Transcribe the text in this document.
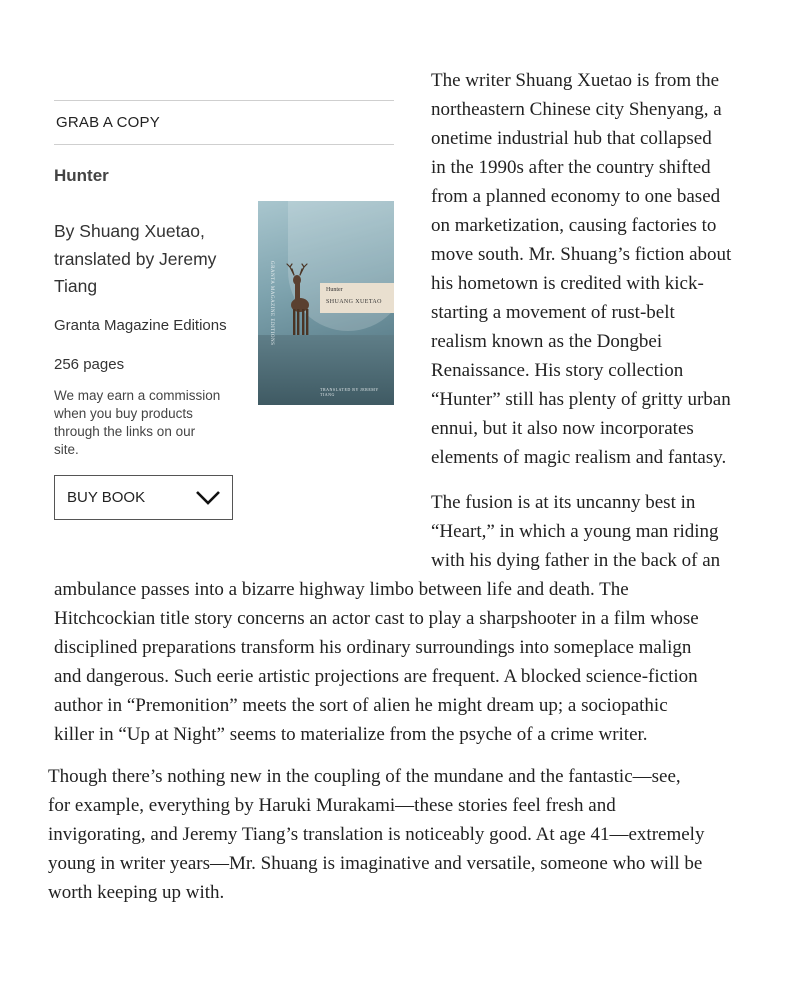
GRAB A COPY
Hunter
By Shuang Xuetao,
translated by Jeremy
Tiang
Granta Magazine Editions
256 pages
We may earn a commission
when you buy products
through the links on our
site.
GRANTA MAGAZINE EDITIONS	Hunter
SHUANG XUETAO
TRANSLATED BY JEREMY TIANG
BUY BOOK
The writer Shuang Xuetao is from the
northeastern Chinese city Shenyang, a
onetime industrial hub that collapsed
in the 1990s after the country shifted
from a planned economy to one based
on marketization, causing factories to
move south. Mr. Shuang’s fiction about
his hometown is credited with kick-
starting a movement of rust-belt
realism known as the Dongbei
Renaissance. His story collection
“Hunter” still has plenty of gritty urban
ennui, but it also now incorporates
elements of magic realism and fantasy.
The fusion is at its uncanny best in
“Heart,” in which a young man riding
with his dying father in the back of an
ambulance passes into a bizarre highway limbo between life and death. The
Hitchcockian title story concerns an actor cast to play a sharpshooter in a film whose
disciplined preparations transform his ordinary surroundings into someplace malign
and dangerous. Such eerie artistic projections are frequent. A blocked science-fiction
author in “Premonition” meets the sort of alien he might dream up; a sociopathic
killer in “Up at Night” seems to materialize from the psyche of a crime writer.
Though there’s nothing new in the coupling of the mundane and the fantastic—see,
for example, everything by Haruki Murakami—these stories feel fresh and
invigorating, and Jeremy Tiang’s translation is noticeably good. At age 41—extremely
young in writer years—Mr. Shuang is imaginative and versatile, someone who will be
worth keeping up with.
